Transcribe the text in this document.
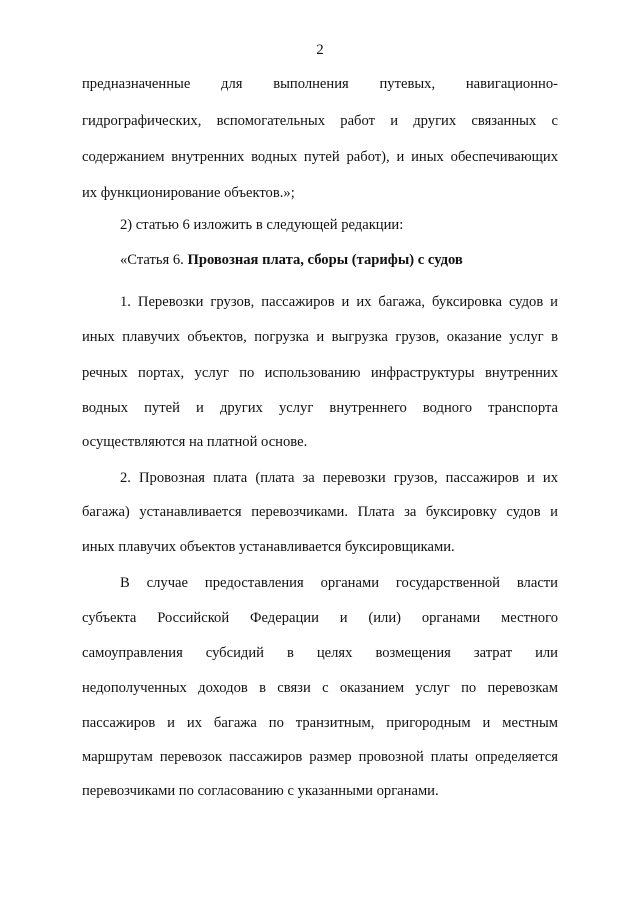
2
предназначенные для выполнения путевых, навигационно-
гидрографических, вспомогательных работ и других связанных с
содержанием внутренних водных путей работ), и иных обеспечивающих
их функционирование объектов.»;
2) статью 6 изложить в следующей редакции:
«Статья 6. Провозная плата, сборы (тарифы) с судов
1. Перевозки грузов, пассажиров и их багажа, буксировка судов и
иных плавучих объектов, погрузка и выгрузка грузов, оказание услуг в
речных портах, услуг по использованию инфраструктуры внутренних
водных путей и других услуг внутреннего водного транспорта
осуществляются на платной основе.
2. Провозная плата (плата за перевозки грузов, пассажиров и их
багажа) устанавливается перевозчиками. Плата за буксировку судов и
иных плавучих объектов устанавливается буксировщиками.
В случае предоставления органами государственной власти
субъекта Российской Федерации и (или) органами местного
самоуправления субсидий в целях возмещения затрат или
недополученных доходов в связи с оказанием услуг по перевозкам
пассажиров и их багажа по транзитным, пригородным и местным
маршрутам перевозок пассажиров размер провозной платы определяется
перевозчиками по согласованию с указанными органами.
